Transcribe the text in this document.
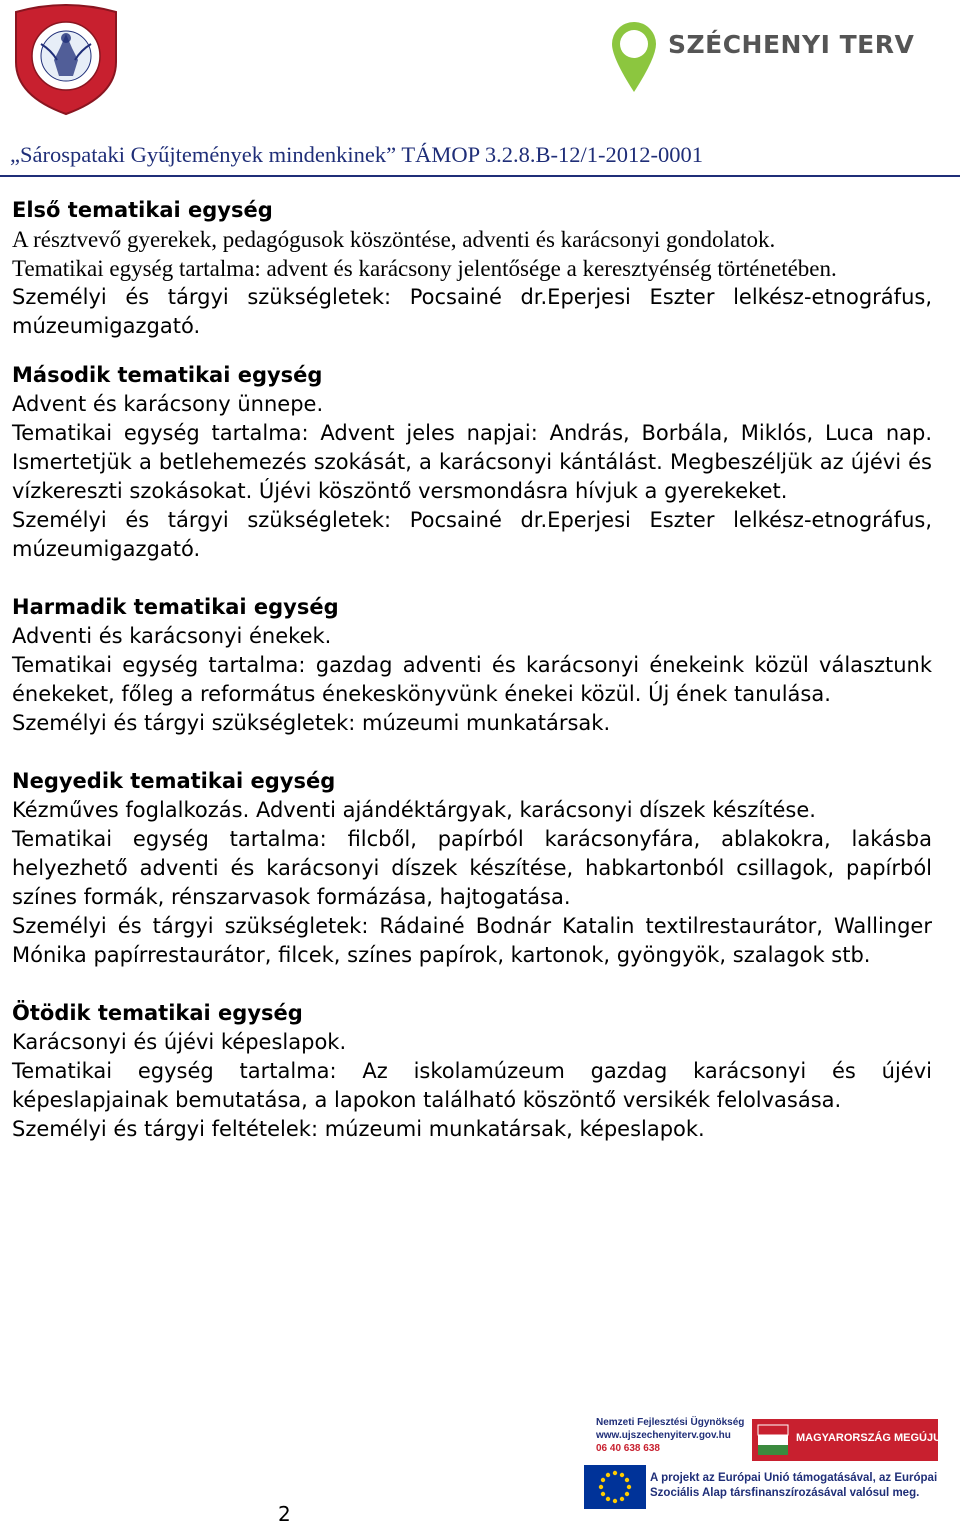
SZÉCHENYI TERV
„Sárospataki Gyűjtemények mindenkinek” TÁMOP 3.2.8.B-12/1-2012-0001
Első tematikai egység

A résztvevő gyerekek, pedagógusok köszöntése, adventi és karácsonyi gondolatok.

Tematikai egység tartalma: advent és karácsony jelentősége a keresztyénség történetében.

Személyi és tárgyi szükségletek: Pocsainé dr.Eperjesi Eszter lelkész-etnográfus, múzeumigazgató.

Második tematikai egység

Advent és karácsony ünnepe.

Tematikai egység tartalma: Advent jeles napjai: András, Borbála, Miklós, Luca nap. Ismertetjük a betlehemezés szokását, a karácsonyi kántálást. Megbeszéljük az újévi és vízkereszti szokásokat. Újévi köszöntő versmondásra hívjuk a gyerekeket.

Személyi és tárgyi szükségletek: Pocsainé dr.Eperjesi Eszter lelkész-etnográfus, múzeumigazgató.

Harmadik tematikai egység

Adventi és karácsonyi énekek.

Tematikai egység tartalma: gazdag adventi és karácsonyi énekeink közül választunk énekeket, főleg a református énekeskönyvünk énekei közül. Új ének tanulása.

Személyi és tárgyi szükségletek: múzeumi munkatársak.

Negyedik tematikai egység

Kézműves foglalkozás. Adventi ajándéktárgyak, karácsonyi díszek készítése.

Tematikai egység tartalma: filcből, papírból karácsonyfára, ablakokra, lakásba helyezhető adventi és karácsonyi díszek készítése, habkartonból csillagok, papírból színes formák, rénszarvasok formázása, hajtogatása.

Személyi és tárgyi szükségletek: Rádainé Bodnár Katalin textilrestaurátor, Wallinger Mónika papírrestaurátor, filcek, színes papírok, kartonok, gyöngyök, szalagok stb.

Ötödik tematikai egység

Karácsonyi és újévi képeslapok.

Tematikai egység tartalma: Az iskolamúzeum gazdag karácsonyi és újévi képeslapjainak bemutatása, a lapokon található köszöntő versikék felolvasása.

Személyi és tárgyi feltételek: múzeumi munkatársak, képeslapok.

2
Nemzeti Fejlesztési Ügynökség
www.ujszechenyiterv.gov.hu
06 40 638 638
MAGYARORSZÁG MEGÚJUL
A projekt az Európai Unió támogatásával, az Európai
Szociális Alap társfinanszírozásával valósul meg.
